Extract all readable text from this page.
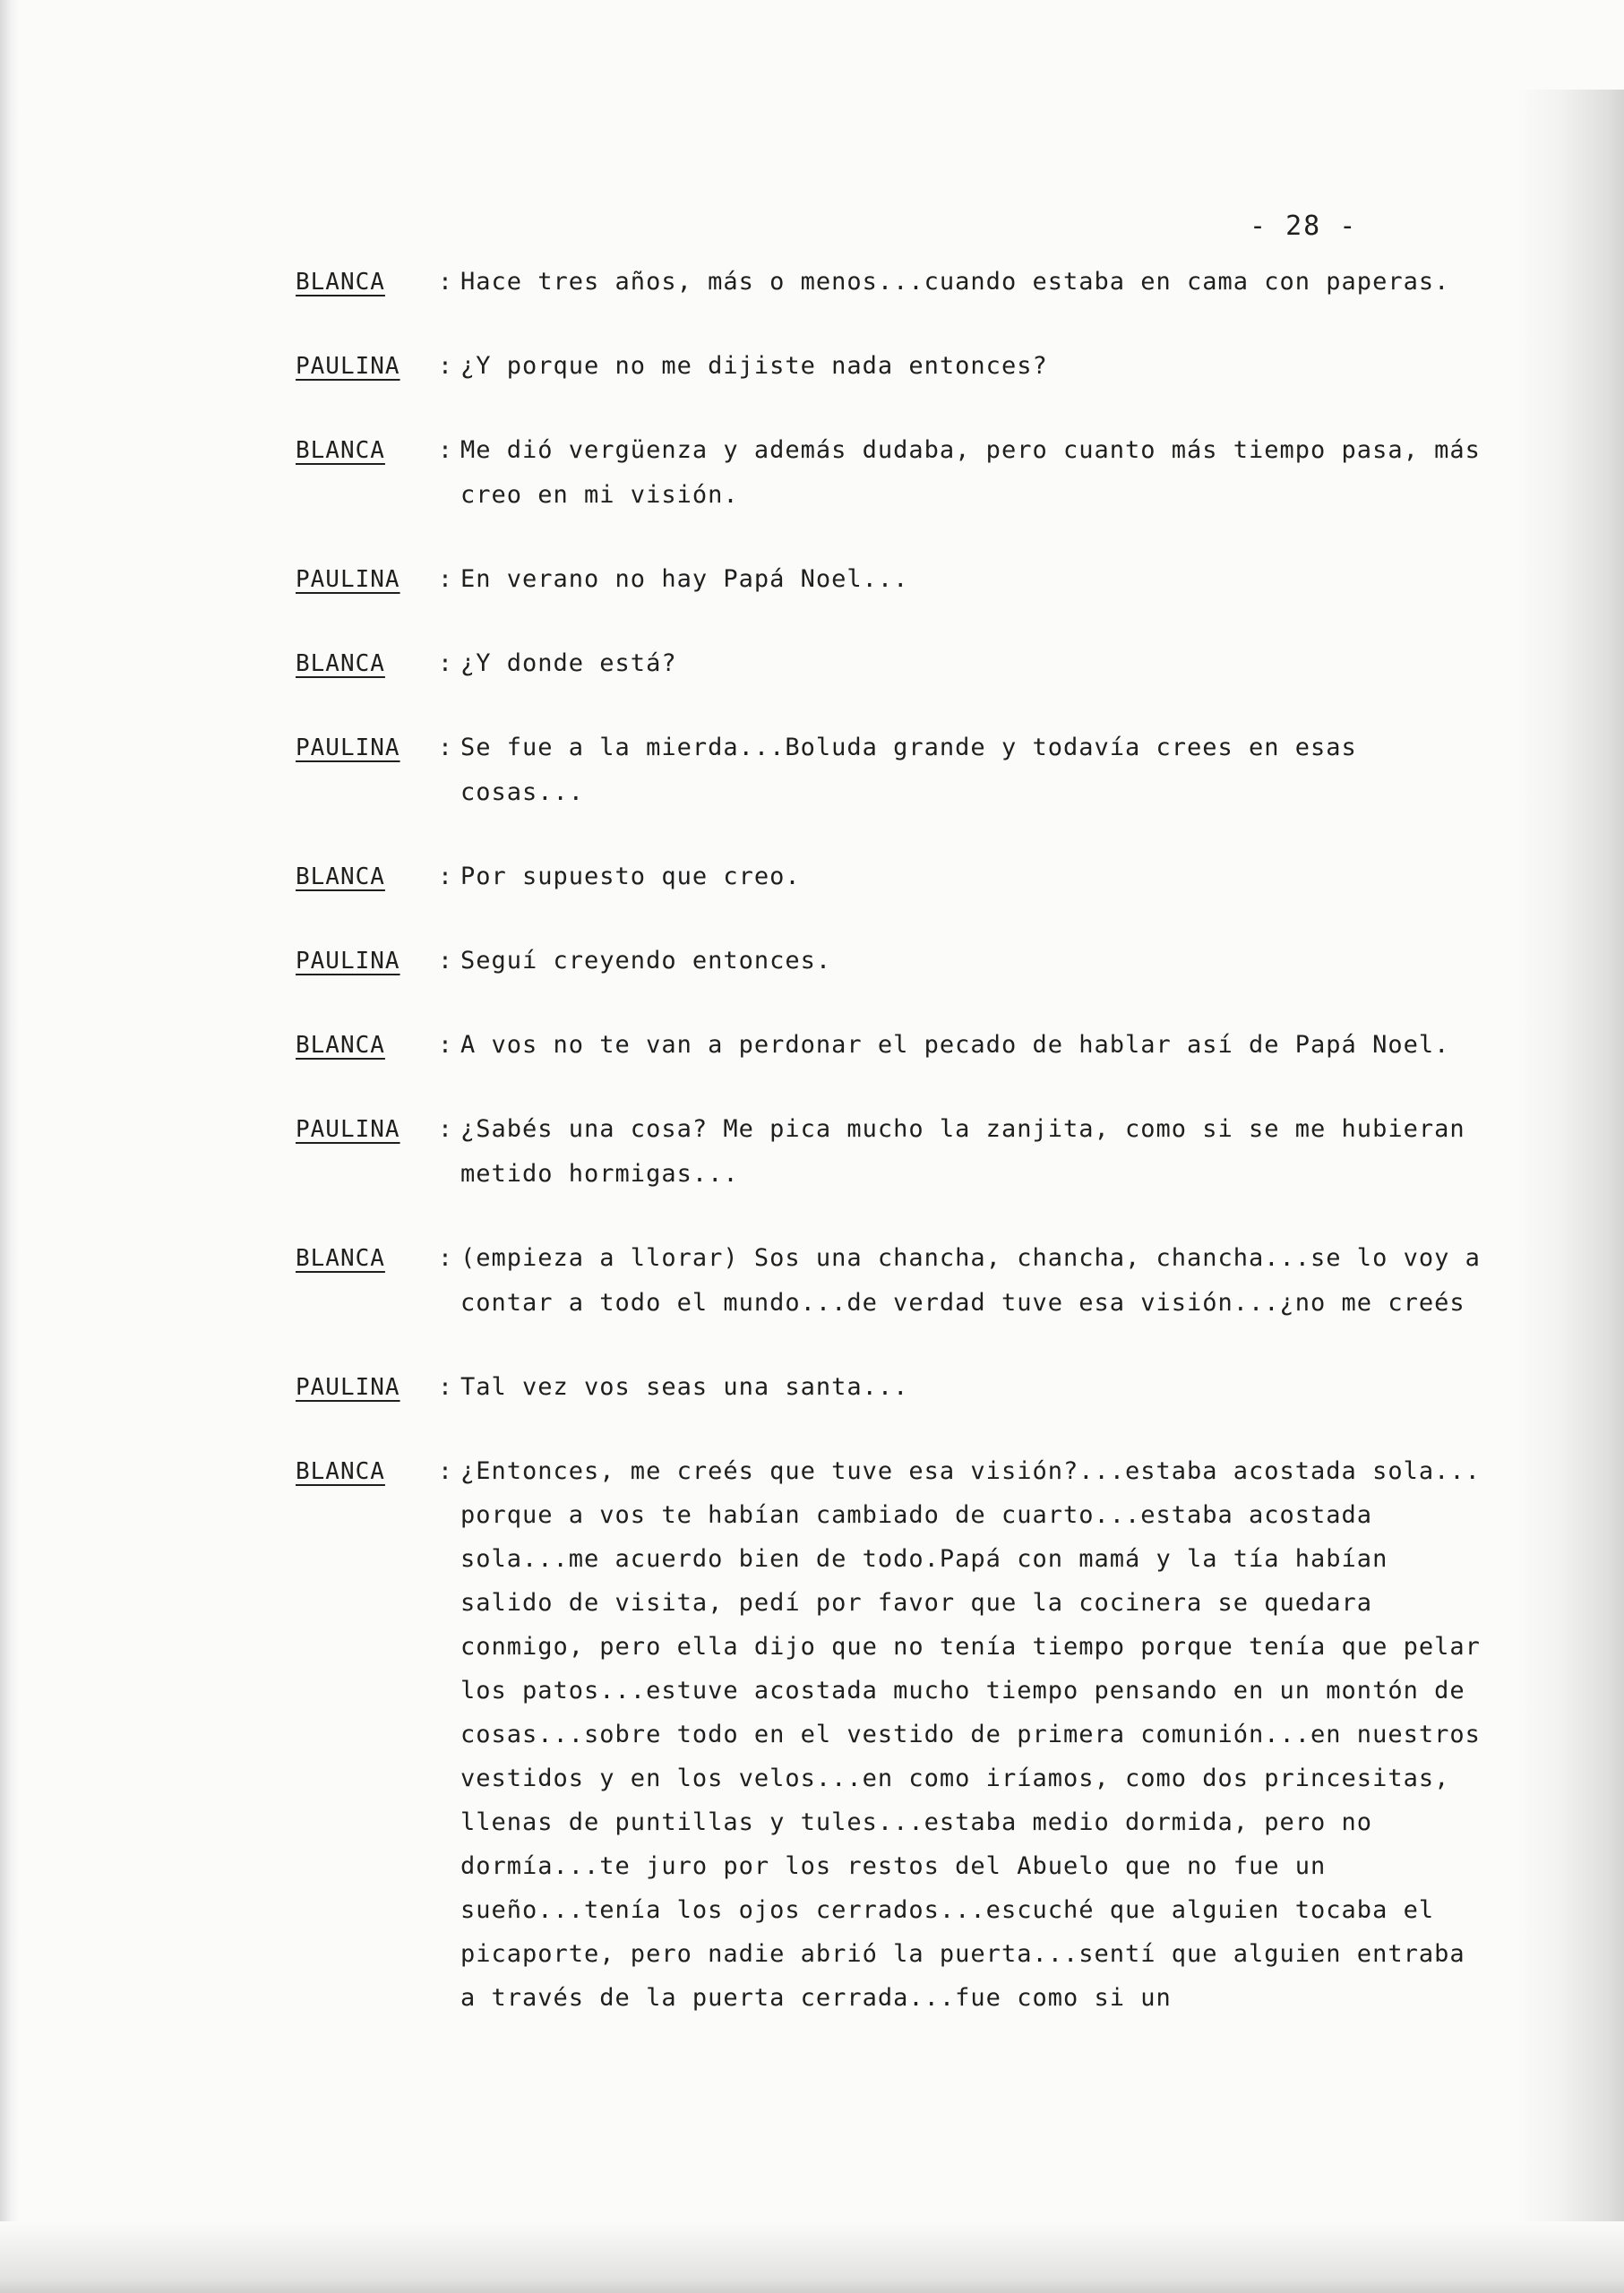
- 28 -
BLANCA	: Hace tres años, más o menos...cuando estaba en cama con paperas.
PAULINA	: ¿Y porque no me dijiste nada entonces?
BLANCA	: Me dió vergüenza y además dudaba, pero cuanto más tiempo pasa, más creo en mi visión.
PAULINA	: En verano no hay Papá Noel...
BLANCA	: ¿Y donde está?
PAULINA	: Se fue a la mierda...Boluda grande y todavía crees en esas cosas...
BLANCA	: Por supuesto que creo.
PAULINA	: Seguí creyendo entonces.
BLANCA	: A vos no te van a perdonar el pecado de hablar así de Papá Noel.
PAULINA	: ¿Sabés una cosa? Me pica mucho la zanjita, como si se me hubieran metido hormigas...
BLANCA	: (empieza a llorar) Sos una chancha, chancha, chancha...se lo voy a contar a todo el mundo...de verdad tuve esa visión...¿no me creés
PAULINA	: Tal vez vos seas una santa...
BLANCA	: ¿Entonces, me creés que tuve esa visión?...estaba acostada sola... porque a vos te habían cambiado de cuarto...estaba acostada sola...me acuerdo bien de todo.Papá con mamá y la tía habían salido de visita, pedí por favor que la cocinera se quedara conmigo, pero ella dijo que no tenía tiempo porque tenía que pelar los patos...estuve acostada mucho tiempo pensando en un montón de cosas...sobre todo en el vestido de primera comunión...en nuestros vestidos y en los velos...en como iríamos, como dos princesitas, llenas de puntillas y tules...estaba medio dormida, pero no dormía...te juro por los restos del Abuelo que no fue un sueño...tenía los ojos cerrados...escuché que alguien tocaba el picaporte, pero nadie abrió la puerta...sentí que alguien entraba a través de la puerta cerrada...fue como si un
